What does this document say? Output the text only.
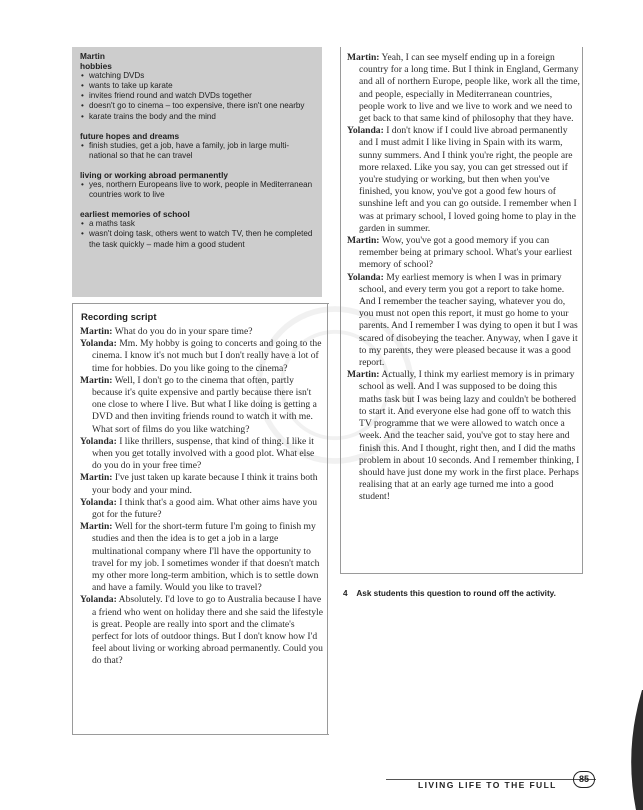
Martin
hobbies
• watching DVDs
• wants to take up karate
• invites friend round and watch DVDs together
• doesn't go to cinema – too expensive, there isn't one nearby
• karate trains the body and the mind
future hopes and dreams
• finish studies, get a job, have a family, job in large multi-national so that he can travel
living or working abroad permanently
• yes, northern Europeans live to work, people in Mediterranean countries work to live
earliest memories of school
• a maths task
• wasn't doing task, others went to watch TV, then he completed the task quickly – made him a good student
Recording script

Martin: What do you do in your spare time?

Yolanda: Mm. My hobby is going to concerts and going to the cinema. I know it's not much but I don't really have a lot of time for hobbies. Do you like going to the cinema?

Martin: Well, I don't go to the cinema that often, partly because it's quite expensive and partly because there isn't one close to where I live. But what I like doing is getting a DVD and then inviting friends round to watch it with me. What sort of films do you like watching?

Yolanda: I like thrillers, suspense, that kind of thing. I like it when you get totally involved with a good plot. What else do you do in your free time?

Martin: I've just taken up karate because I think it trains both your body and your mind.

Yolanda: I think that's a good aim. What other aims have you got for the future?

Martin: Well for the short-term future I'm going to finish my studies and then the idea is to get a job in a large multinational company where I'll have the opportunity to travel for my job. I sometimes wonder if that doesn't match my other more long-term ambition, which is to settle down and have a family. Would you like to travel?

Yolanda: Absolutely. I'd love to go to Australia because I have a friend who went on holiday there and she said the lifestyle is great. People are really into sport and the climate's perfect for lots of outdoor things. But I don't know how I'd feel about living or working abroad permanently. Could you do that?

Martin: Yeah, I can see myself ending up in a foreign country for a long time. But I think in England, Germany and all of northern Europe, people like, work all the time, and people, especially in Mediterranean countries, people work to live and we live to work and we need to get back to that same kind of philosophy that they have.

Yolanda: I don't know if I could live abroad permanently and I must admit I like living in Spain with its warm, sunny summers. And I think you're right, the people are more relaxed. Like you say, you can get stressed out if you're studying or working, but then when you've finished, you know, you've got a good few hours of sunshine left and you can go outside. I remember when I was at primary school, I loved going home to play in the garden in summer.

Martin: Wow, you've got a good memory if you can remember being at primary school. What's your earliest memory of school?

Yolanda: My earliest memory is when I was in primary school, and every term you got a report to take home. And I remember the teacher saying, whatever you do, you must not open this report, it must go home to your parents. And I remember I was dying to open it but I was scared of disobeying the teacher. Anyway, when I gave it to my parents, they were pleased because it was a good report.

Martin: Actually, I think my earliest memory is in primary school as well. And I was supposed to be doing this maths task but I was being lazy and couldn't be bothered to start it. And everyone else had gone off to watch this TV programme that we were allowed to watch once a week. And the teacher said, you've got to stay here and finish this. And I thought, right then, and I did the maths problem in about 10 seconds. And I remember thinking, I should have just done my work in the first place. Perhaps realising that at an early age turned me into a good student!

4 Ask students this question to round off the activity.
LIVING LIFE TO THE FULL
85
